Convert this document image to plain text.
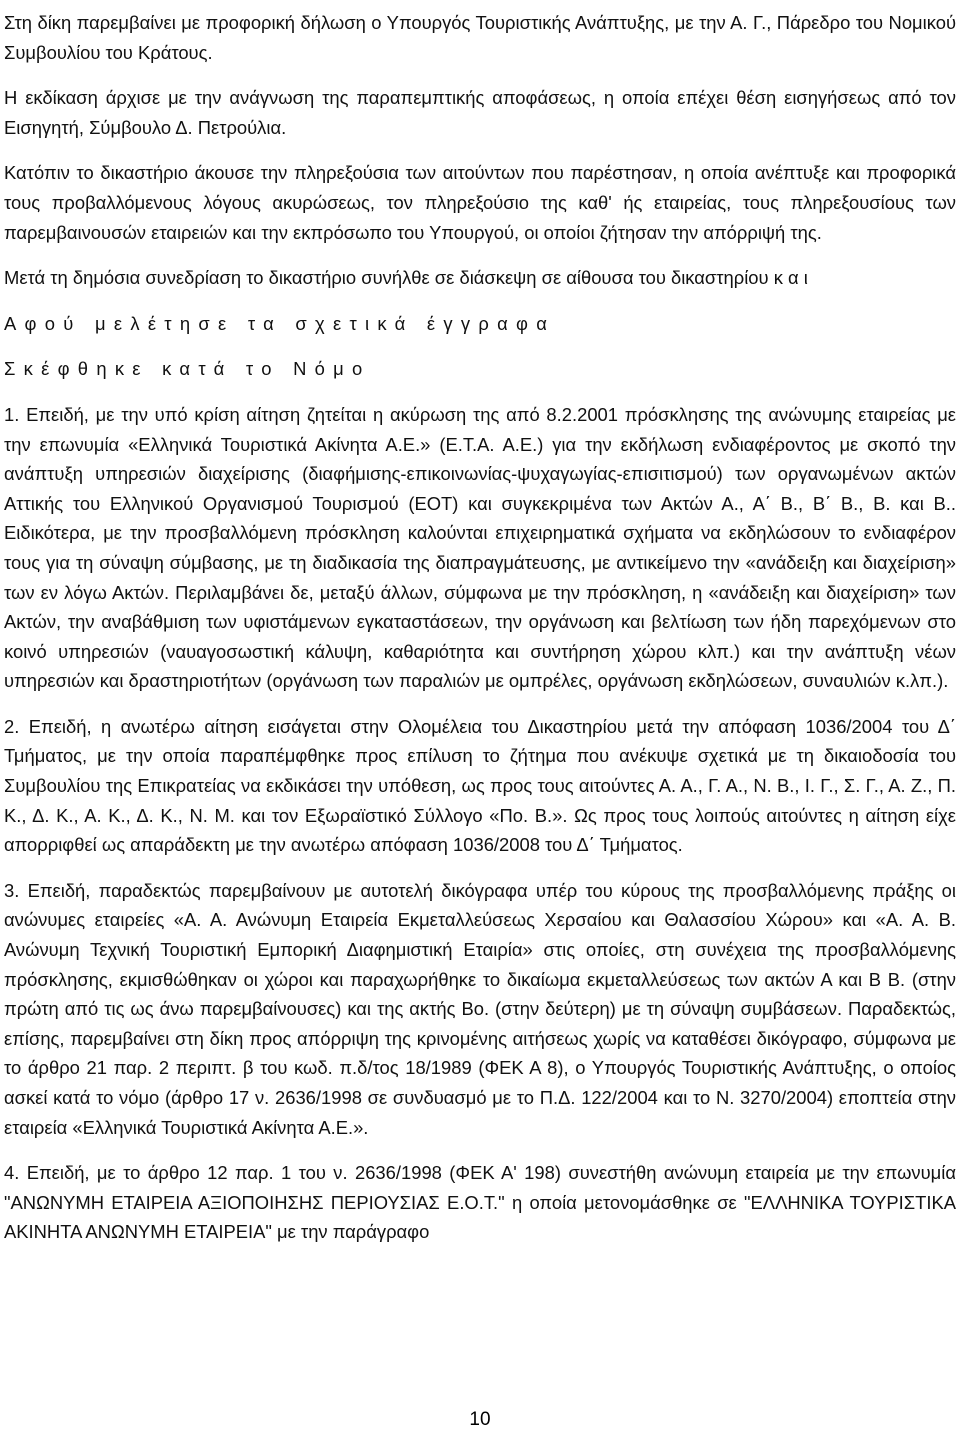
Στη δίκη παρεμβαίνει με προφορική δήλωση ο Υπουργός Τουριστικής Ανάπτυξης, με την Α. Γ., Πάρεδρο του Νομικού Συμβουλίου του Κράτους.

Η εκδίκαση άρχισε με την ανάγνωση της παραπεμπτικής αποφάσεως, η οποία επέχει θέση εισηγήσεως από τον Εισηγητή, Σύμβουλο Δ. Πετρούλια.

Κατόπιν το δικαστήριο άκουσε την πληρεξούσια των αιτούντων που παρέστησαν, η οποία ανέπτυξε και προφορικά τους προβαλλόμενους λόγους ακυρώσεως, τον πληρεξούσιο της καθ' ής εταιρείας, τους πληρεξουσίους των παρεμβαινουσών εταιρειών και την εκπρόσωπο του Υπουργού, οι οποίοι ζήτησαν την απόρριψή της.

Μετά τη δημόσια συνεδρίαση το δικαστήριο συνήλθε σε διάσκεψη σε αίθουσα του δικαστηρίου κ α ι

Αφού μελέτησε τα σχετικά έγγραφα

Σκέφθηκε κατά το Νόμο

1. Επειδή, με την υπό κρίση αίτηση ζητείται η ακύρωση της από 8.2.2001 πρόσκλησης της ανώνυμης εταιρείας με την επωνυμία «Ελληνικά Τουριστικά Ακίνητα Α.Ε.» (Ε.Τ.Α. Α.Ε.) για την εκδήλωση ενδιαφέροντος με σκοπό την ανάπτυξη υπηρεσιών διαχείρισης (διαφήμισης-επικοινωνίας-ψυχαγωγίας-επισιτισμού) των οργανωμένων ακτών Αττικής του Ελληνικού Οργανισμού Τουρισμού (ΕΟΤ) και συγκεκριμένα των Ακτών Α., Α΄ Β., Β΄ Β., Β. και Β.. Ειδικότερα, με την προσβαλλόμενη πρόσκληση καλούνται επιχειρηματικά σχήματα να εκδηλώσουν το ενδιαφέρον τους για τη σύναψη σύμβασης, με τη διαδικασία της διαπραγμάτευσης, με αντικείμενο την «ανάδειξη και διαχείριση» των εν λόγω Ακτών. Περιλαμβάνει δε, μεταξύ άλλων, σύμφωνα με την πρόσκληση, η «ανάδειξη και διαχείριση» των Ακτών, την αναβάθμιση των υφιστάμενων εγκαταστάσεων, την οργάνωση και βελτίωση των ήδη παρεχόμενων στο κοινό υπηρεσιών (ναυαγοσωστική κάλυψη, καθαριότητα και συντήρηση χώρου κλπ.) και την ανάπτυξη νέων υπηρεσιών και δραστηριοτήτων (οργάνωση των παραλιών με ομπρέλες, οργάνωση εκδηλώσεων, συναυλιών κ.λπ.).

2. Επειδή, η ανωτέρω αίτηση εισάγεται στην Ολομέλεια του Δικαστηρίου μετά την απόφαση 1036/2004 του Δ΄ Τμήματος, με την οποία παραπέμφθηκε προς επίλυση το ζήτημα που ανέκυψε σχετικά με τη δικαιοδοσία του Συμβουλίου της Επικρατείας να εκδικάσει την υπόθεση, ως προς τους αιτούντες Α. Α., Γ. Α., Ν. Β., Ι. Γ., Σ. Γ., Α. Ζ., Π. Κ., Δ. Κ., Α. Κ., Δ. Κ., Ν. Μ. και τον Εξωραϊστικό Σύλλογο «Πο. Β.». Ως προς τους λοιπούς αιτούντες η αίτηση είχε απορριφθεί ως απαράδεκτη με την ανωτέρω απόφαση 1036/2008 του Δ΄ Τμήματος.

3. Επειδή, παραδεκτώς παρεμβαίνουν με αυτοτελή δικόγραφα υπέρ του κύρους της προσβαλλόμενης πράξης οι ανώνυμες εταιρείες «Α. Α. Ανώνυμη Εταιρεία Εκμεταλλεύσεως Χερσαίου και Θαλασσίου Χώρου» και «Α. Α. Β. Ανώνυμη Τεχνική Τουριστική Εμπορική Διαφημιστική Εταιρία» στις οποίες, στη συνέχεια της προσβαλλόμενης πρόσκλησης, εκμισθώθηκαν οι χώροι και παραχωρήθηκε το δικαίωμα εκμεταλλεύσεως των ακτών Α και Β Β. (στην πρώτη από τις ως άνω παρεμβαίνουσες) και της ακτής Βο. (στην δεύτερη) με τη σύναψη συμβάσεων. Παραδεκτώς, επίσης, παρεμβαίνει στη δίκη προς απόρριψη της κρινομένης αιτήσεως χωρίς να καταθέσει δικόγραφο, σύμφωνα με το άρθρο 21 παρ. 2 περιπτ. β του κωδ. π.δ/τος 18/1989 (ΦΕΚ Α 8), ο Υπουργός Τουριστικής Ανάπτυξης, ο οποίος ασκεί κατά το νόμο (άρθρο 17 ν. 2636/1998 σε συνδυασμό με το Π.Δ. 122/2004 και το Ν. 3270/2004) εποπτεία στην εταιρεία «Ελληνικά Τουριστικά Ακίνητα Α.Ε.».

4. Επειδή, με το άρθρο 12 παρ. 1 του ν. 2636/1998 (ΦΕΚ Α' 198) συνεστήθη ανώνυμη εταιρεία με την επωνυμία "ΑΝΩΝΥΜΗ ΕΤΑΙΡΕΙΑ ΑΞΙΟΠΟΙΗΣΗΣ ΠΕΡΙΟΥΣΙΑΣ Ε.Ο.Τ." η οποία μετονομάσθηκε σε "ΕΛΛΗΝΙΚΑ ΤΟΥΡΙΣΤΙΚΑ ΑΚΙΝΗΤΑ ΑΝΩΝΥΜΗ ΕΤΑΙΡΕΙΑ" με την παράγραφο

10
